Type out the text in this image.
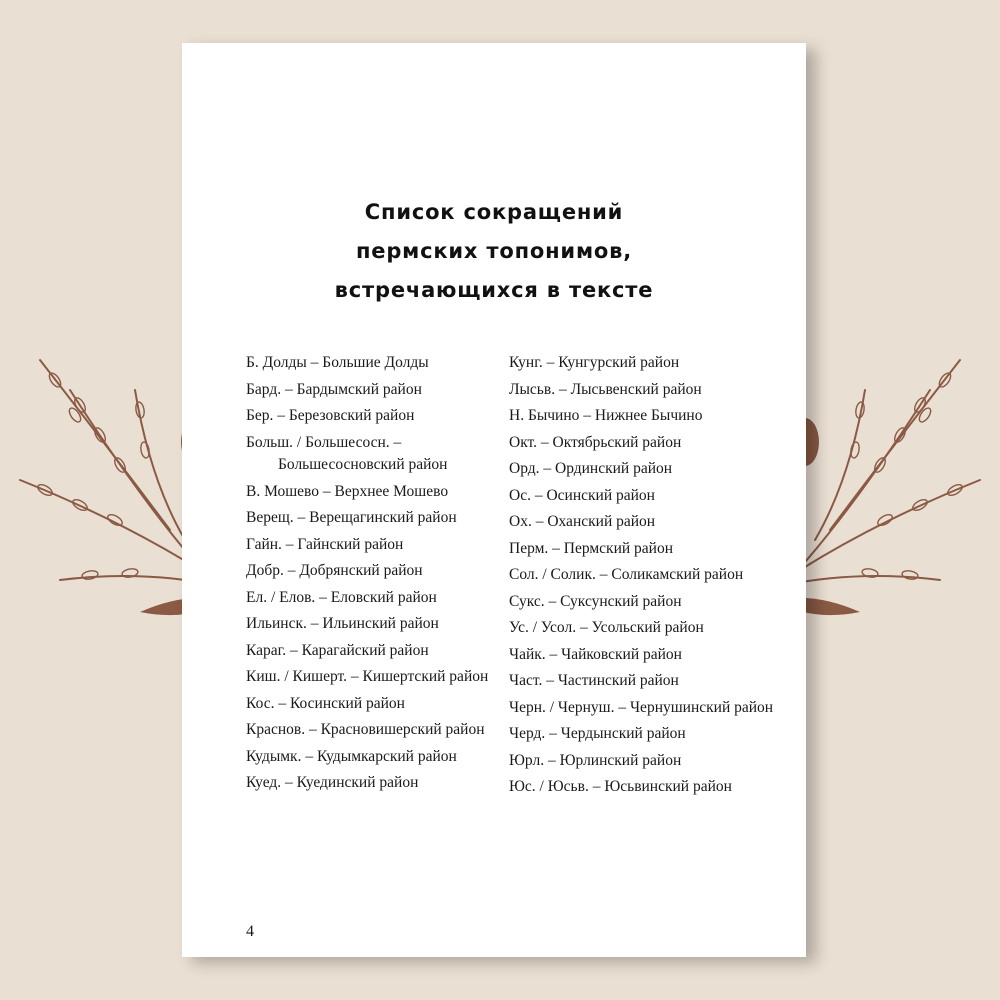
Список сокращений
пермских топонимов,
встречающихся в тексте
Б. Долды – Большие Долды
Бард. – Бардымский район
Бер. – Березовский район
Больш. / Большесосн. – Большесосновский район
В. Мошево – Верхнее Мошево
Верещ. – Верещагинский район
Гайн. – Гайнский район
Добр. – Добрянский район
Ел. / Елов. – Еловский район
Ильинск. – Ильинский район
Караг. – Карагайский район
Киш. / Кишерт. – Кишертский район
Кос. – Косинский район
Краснов. – Красновишерский район
Кудымк. – Кудымкарский район
Куед. – Куединский район
Кунг. – Кунгурский район
Лысьв. – Лысьвенский район
Н. Бычино – Нижнее Бычино
Окт. – Октябрьский район
Орд. – Ординский район
Ос. – Осинский район
Ох. – Оханский район
Перм. – Пермский район
Сол. / Солик. – Соликамский район
Сукс. – Суксунский район
Ус. / Усол. – Усольский район
Чайк. – Чайковский район
Част. – Частинский район
Черн. / Чернуш. – Чернушинский район
Черд. – Чердынский район
Юрл. – Юрлинский район
Юс. / Юсьв. – Юсьвинский район
4
